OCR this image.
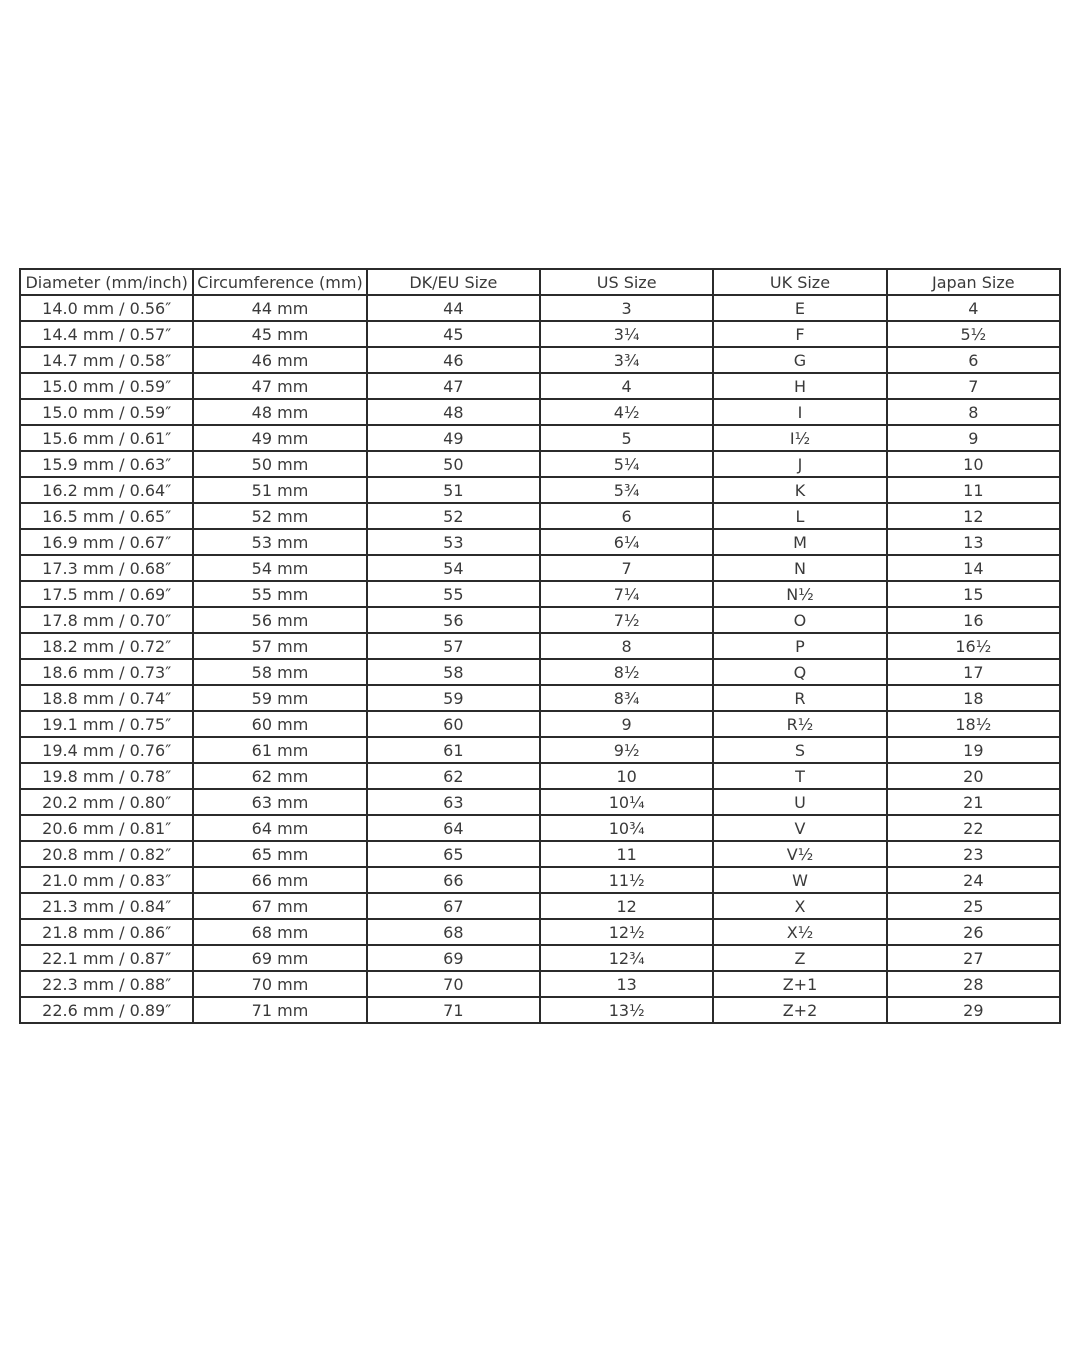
Diameter (mm/inch)	Circumference (mm)	DK/EU Size	US Size	UK Size	Japan Size
14.0 mm / 0.56″	44 mm	44	3	E	4
14.4 mm / 0.57″	45 mm	45	3¼	F	5½
14.7 mm / 0.58″	46 mm	46	3¾	G	6
15.0 mm / 0.59″	47 mm	47	4	H	7
15.0 mm / 0.59″	48 mm	48	4½	I	8
15.6 mm / 0.61″	49 mm	49	5	I½	9
15.9 mm / 0.63″	50 mm	50	5¼	J	10
16.2 mm / 0.64″	51 mm	51	5¾	K	11
16.5 mm / 0.65″	52 mm	52	6	L	12
16.9 mm / 0.67″	53 mm	53	6¼	M	13
17.3 mm / 0.68″	54 mm	54	7	N	14
17.5 mm / 0.69″	55 mm	55	7¼	N½	15
17.8 mm / 0.70″	56 mm	56	7½	O	16
18.2 mm / 0.72″	57 mm	57	8	P	16½
18.6 mm / 0.73″	58 mm	58	8½	Q	17
18.8 mm / 0.74″	59 mm	59	8¾	R	18
19.1 mm / 0.75″	60 mm	60	9	R½	18½
19.4 mm / 0.76″	61 mm	61	9½	S	19
19.8 mm / 0.78″	62 mm	62	10	T	20
20.2 mm / 0.80″	63 mm	63	10¼	U	21
20.6 mm / 0.81″	64 mm	64	10¾	V	22
20.8 mm / 0.82″	65 mm	65	11	V½	23
21.0 mm / 0.83″	66 mm	66	11½	W	24
21.3 mm / 0.84″	67 mm	67	12	X	25
21.8 mm / 0.86″	68 mm	68	12½	X½	26
22.1 mm / 0.87″	69 mm	69	12¾	Z	27
22.3 mm / 0.88″	70 mm	70	13	Z+1	28
22.6 mm / 0.89″	71 mm	71	13½	Z+2	29
